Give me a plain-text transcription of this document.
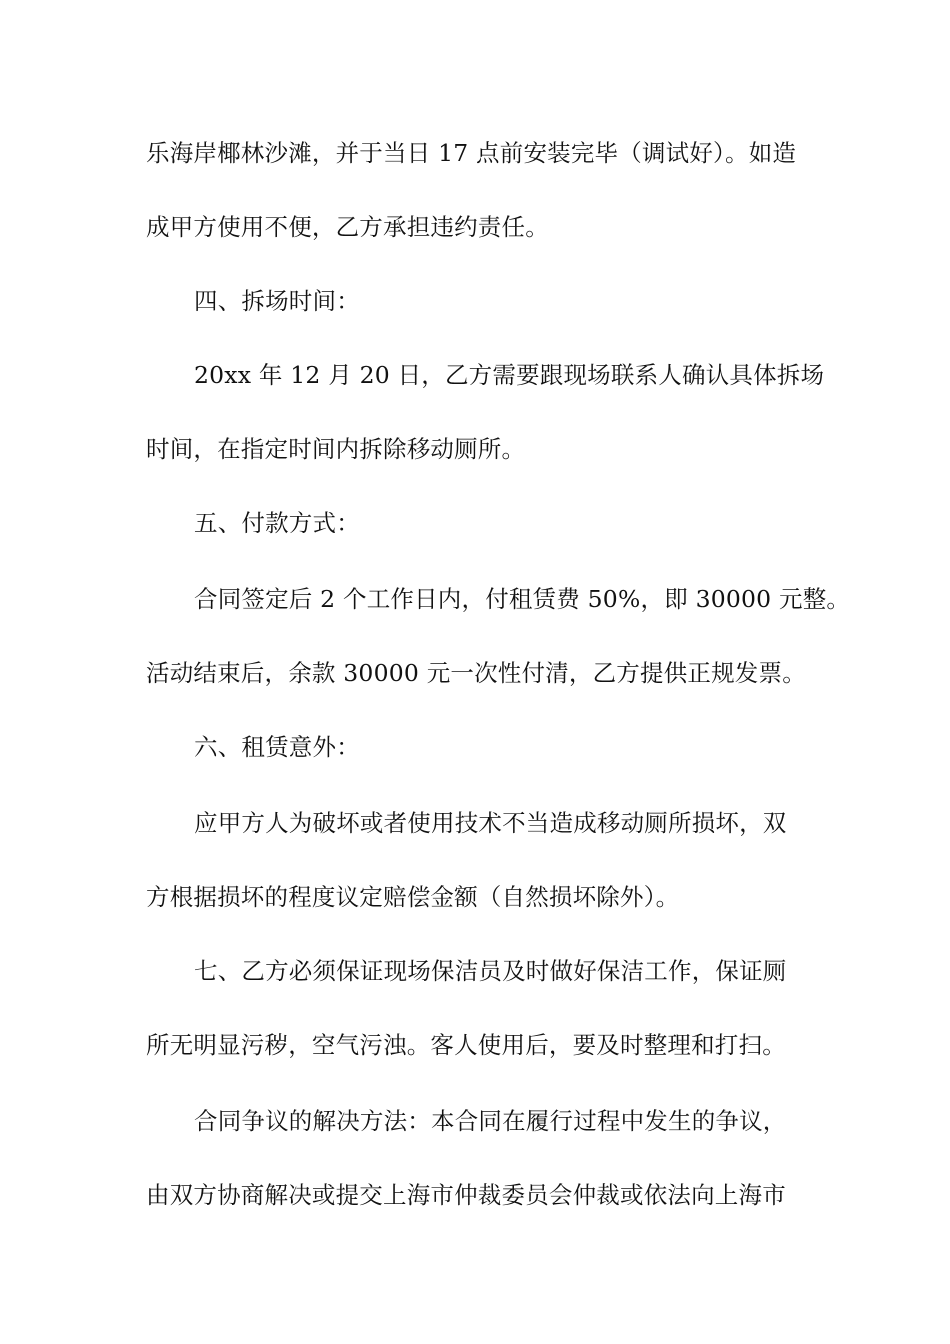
乐海岸椰林沙滩，并于当日 17 点前安装完毕（调试好）。如造
成甲方使用不便，乙方承担违约责任。
四、拆场时间：
20xx 年 12 月 20 日，乙方需要跟现场联系人确认具体拆场
时间，在指定时间内拆除移动厕所。
五、付款方式：
合同签定后 2 个工作日内，付租赁费 50%，即 30000 元整。
活动结束后，余款 30000 元一次性付清，乙方提供正规发票。
六、租赁意外：
应甲方人为破坏或者使用技术不当造成移动厕所损坏，双
方根据损坏的程度议定赔偿金额（自然损坏除外）。
七、乙方必须保证现场保洁员及时做好保洁工作，保证厕
所无明显污秽，空气污浊。客人使用后，要及时整理和打扫。
合同争议的解决方法：本合同在履行过程中发生的争议，
由双方协商解决或提交上海市仲裁委员会仲裁或依法向上海市
